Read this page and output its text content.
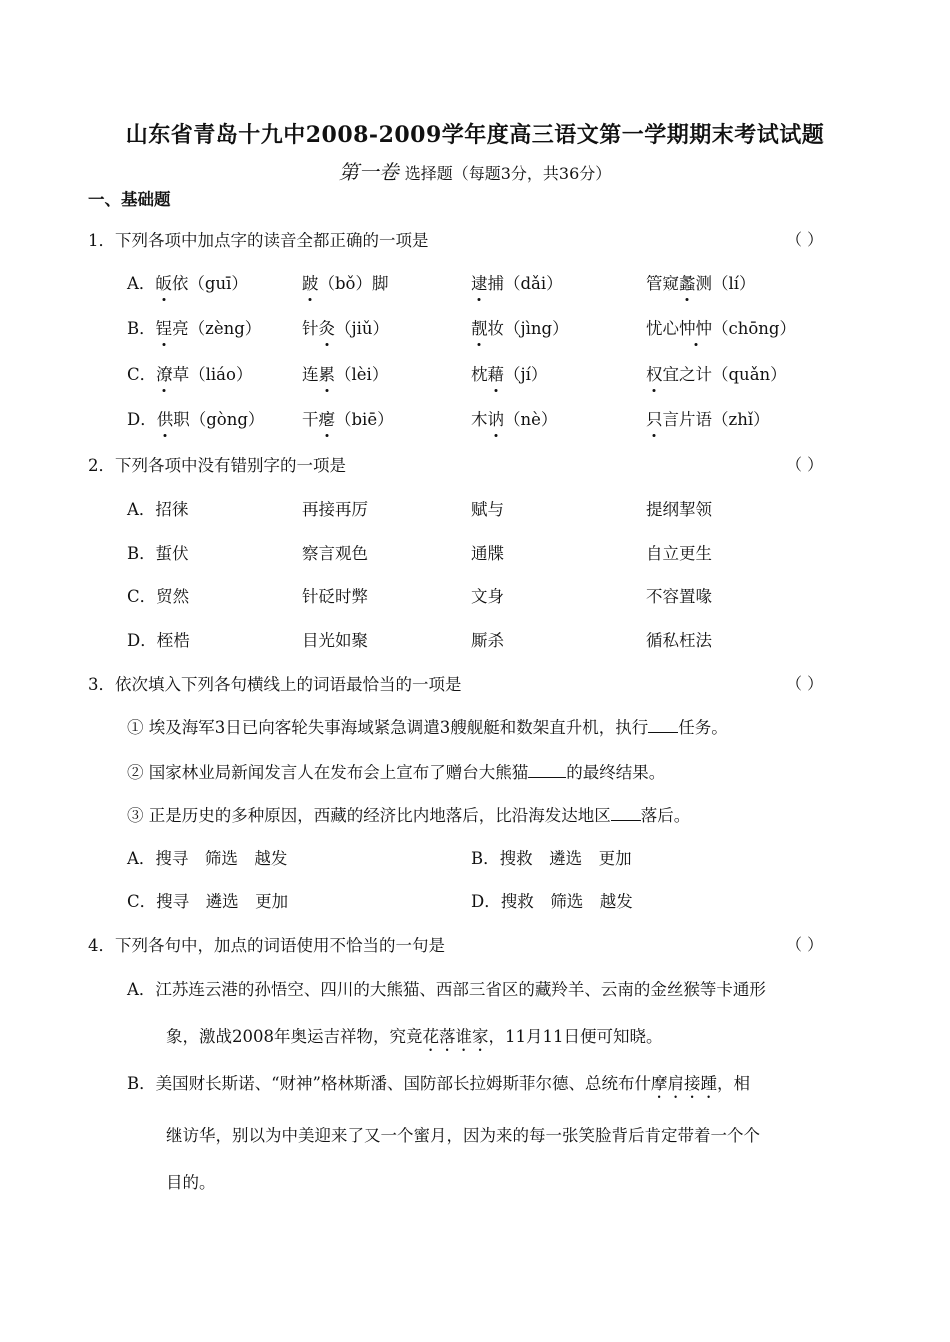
山东省青岛十九中2008-2009学年度高三语文第一学期期末考试试题
第一卷 选择题（每题3分，共36分）
一、基础题
1．下列各项中加点字的读音全都正确的一项是	（ ）
A．皈依（guī）	跛（bǒ）脚	逮捕（dǎi）	管窥蠡测（lí）
B．锃亮（zèng） 针灸（jiǔ）	靓妆（jìng）	忧心忡忡（chōng）
C．潦草（liáo）	连累（lèi）	枕藉（jí）	权宜之计（quǎn）
D．供职（gòng） 干瘪（biē）	木讷（nè）	只言片语（zhǐ）
2．下列各项中没有错别字的一项是	（ ）
A．招徕	再接再厉	赋与	提纲挈领
B．蜇伏	察言观色	通牒	自立更生
C．贸然	针砭时弊	文身	不容置喙
D．桎梏	目光如聚	厮杀	循私枉法
3．依次填入下列各句横线上的词语最恰当的一项是	（ ）
① 埃及海军3日已向客轮失事海域紧急调遣3艘舰艇和数架直升机，执行 任务。
② 国家林业局新闻发言人在发布会上宣布了赠台大熊猫 的最终结果。
③ 正是历史的多种原因，西藏的经济比内地落后，比沿海发达地区 落后。
A．搜寻　筛选　越发	B．搜救　遴选　更加
C．搜寻　遴选　更加	D．搜救　筛选　越发
4．下列各句中，加点的词语使用不恰当的一句是	（ ）
A．江苏连云港的孙悟空、四川的大熊猫、西部三省区的藏羚羊、云南的金丝猴等卡通形
象，激战2008年奥运吉祥物，究竟花落谁家，11月11日便可知晓。
B．美国财长斯诺、“财神”格林斯潘、国防部长拉姆斯菲尔德、总统布什摩肩接踵，相
继访华，别以为中美迎来了又一个蜜月，因为来的每一张笑脸背后肯定带着一个个
目的。
